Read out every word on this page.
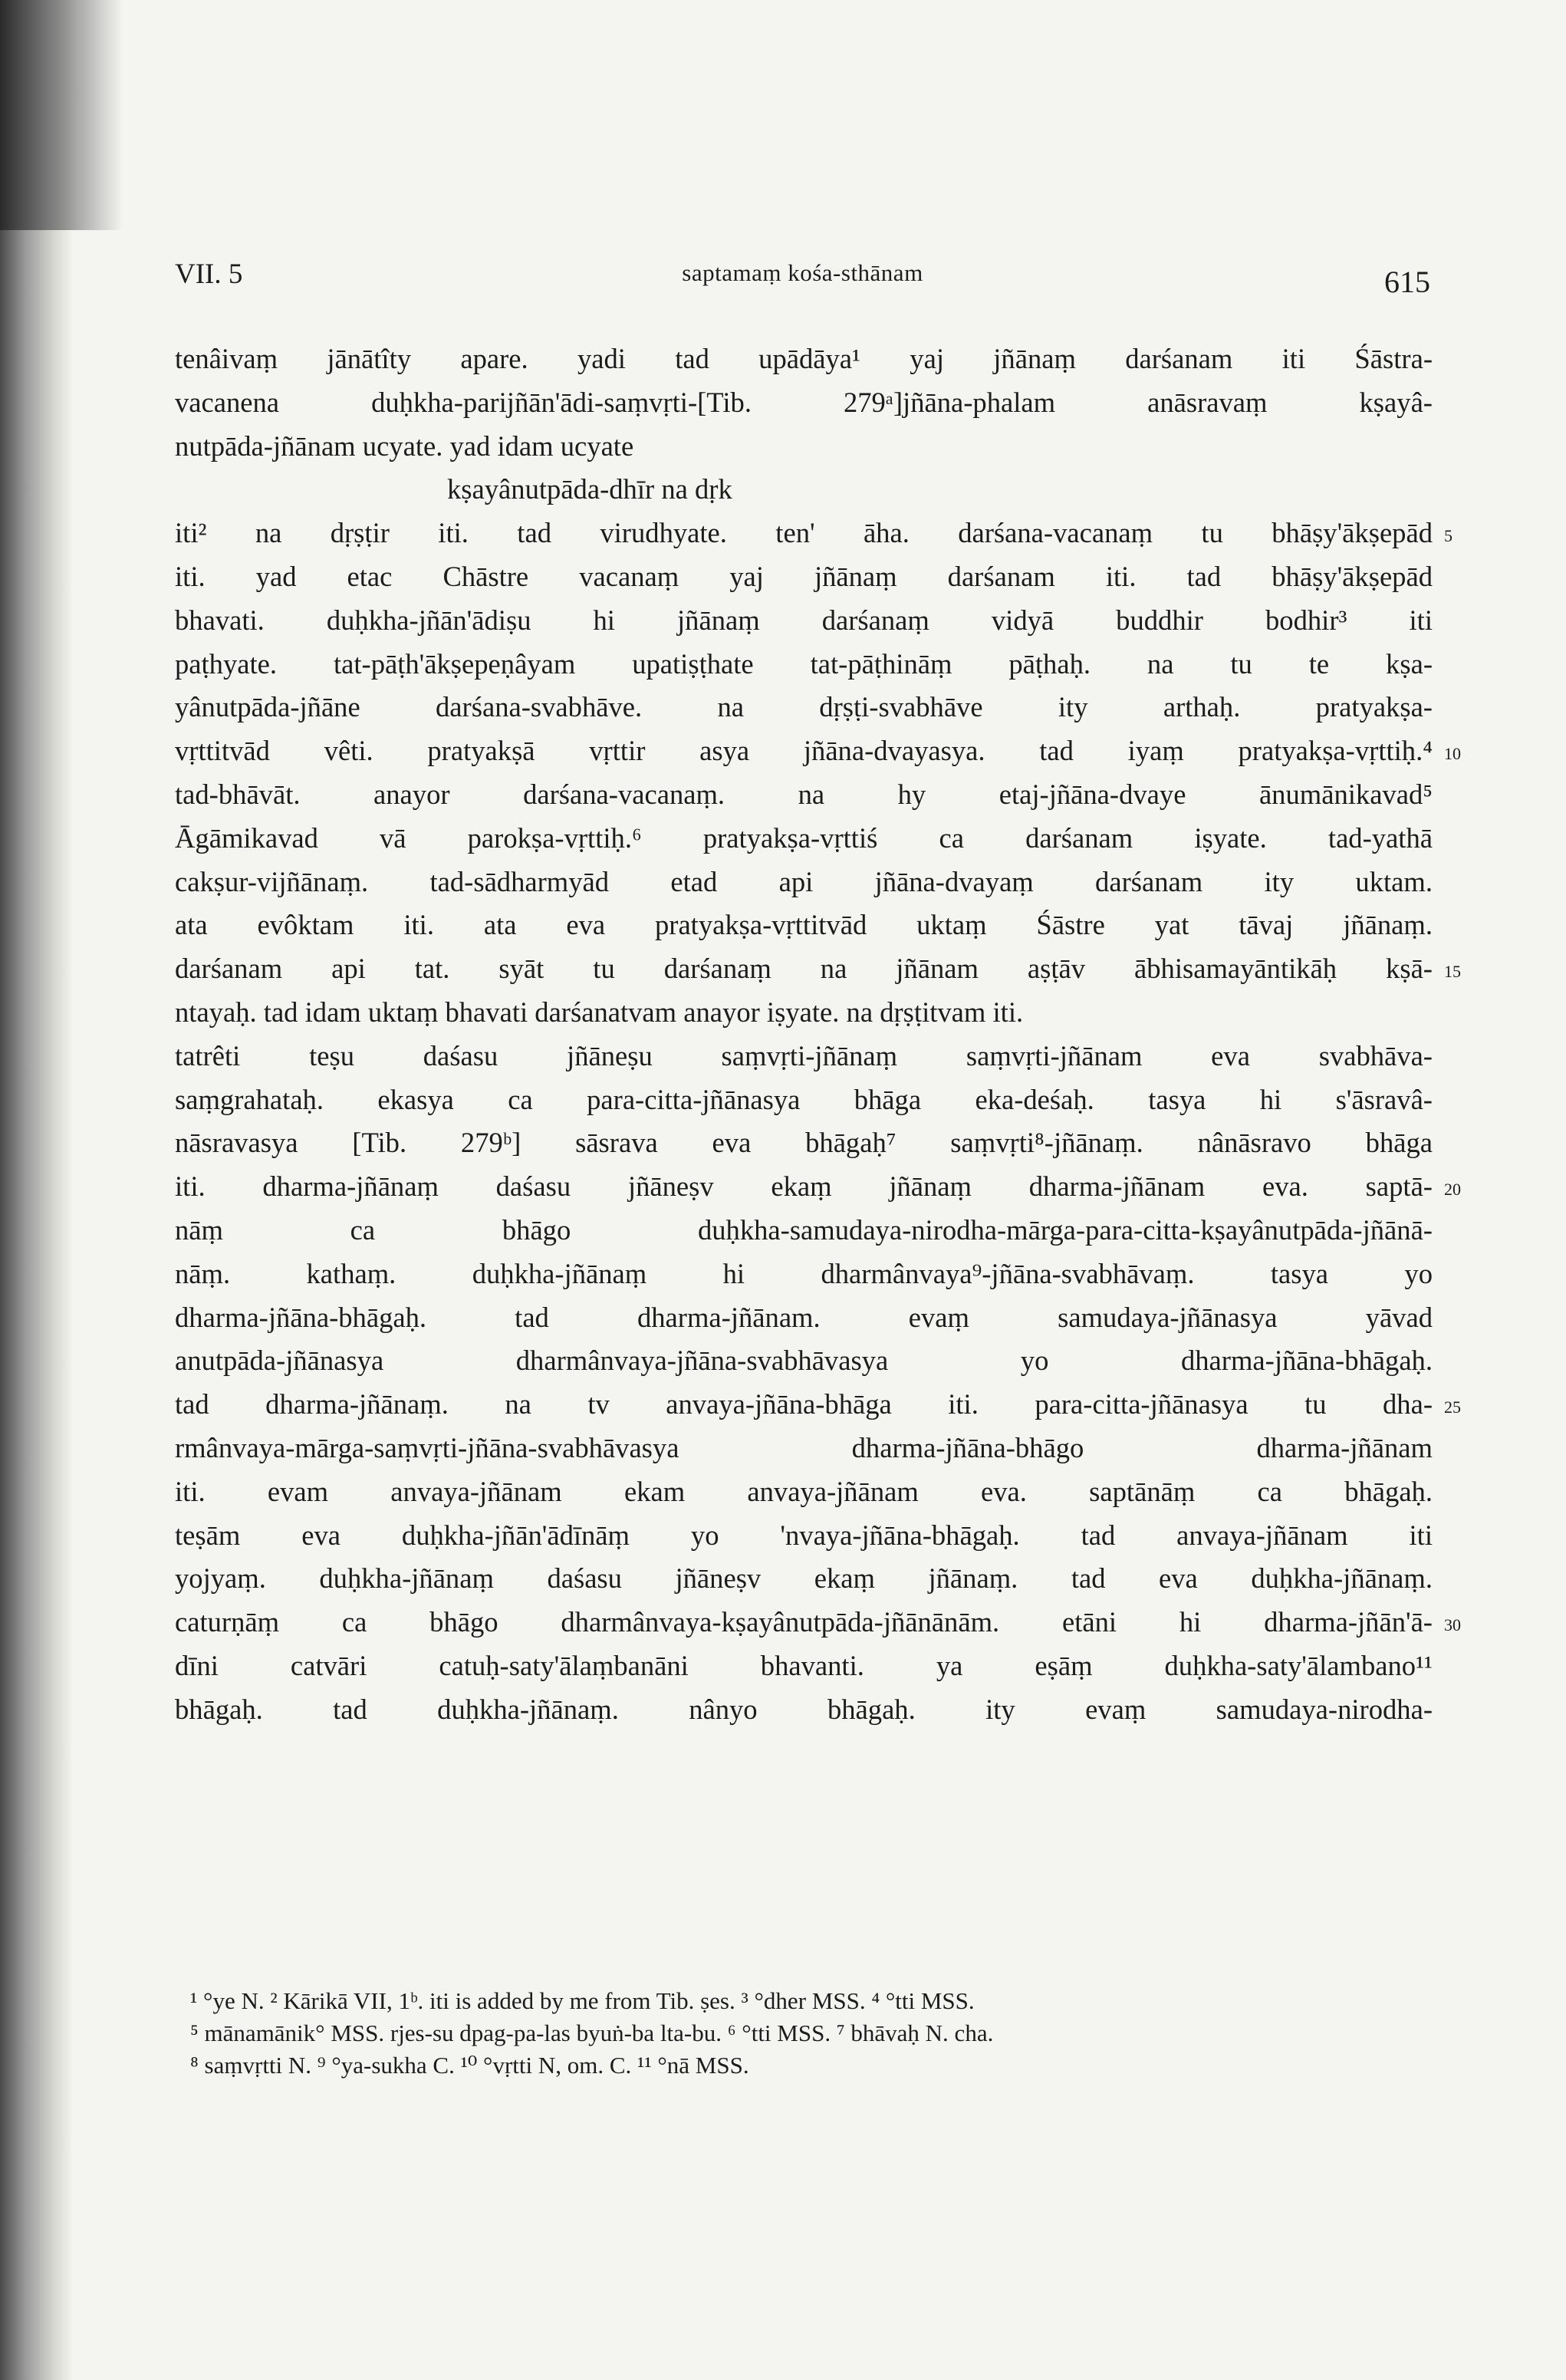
VII. 5	saptamaṃ kośa-sthānam	615
tenâivaṃ jānātîty apare. yadi tad upādāya¹ yaj jñānaṃ darśanam iti Śāstra-
vacanena duḥkha-parijñān'ādi-saṃvṛti-[Tib. 279ᵃ]jñāna-phalam anāsravaṃ kṣayâ-
nutpāda-jñānam ucyate. yad idam ucyate
kṣayânutpāda-dhīr na dṛk
iti² na dṛṣṭir iti. tad virudhyate. ten' āha. darśana-vacanaṃ tu bhāṣy'ākṣepād 5
iti. yad etac Chāstre vacanaṃ yaj jñānaṃ darśanam iti. tad bhāṣy'ākṣepād
bhavati. duḥkha-jñān'ādiṣu hi jñānaṃ darśanaṃ vidyā buddhir bodhir³ iti
paṭhyate. tat-pāṭh'ākṣepeṇâyam upatiṣṭhate tat-pāṭhināṃ pāṭhaḥ. na tu te kṣa-
yânutpāda-jñāne darśana-svabhāve. na dṛṣṭi-svabhāve ity arthaḥ. pratyakṣa-
vṛttitvād vêti. pratyakṣā vṛttir asya jñāna-dvayasya. tad iyaṃ pratyakṣa-vṛttiḥ.⁴ 10
tad-bhāvāt. anayor darśana-vacanaṃ. na hy etaj-jñāna-dvaye ānumānikavad⁵
Āgāmikavad vā parokṣa-vṛttiḥ.⁶ pratyakṣa-vṛttiś ca darśanam iṣyate. tad-yathā
cakṣur-vijñānaṃ. tad-sādharmyād etad api jñāna-dvayaṃ darśanam ity uktam.
ata evôktam iti. ata eva pratyakṣa-vṛttitvād uktaṃ Śāstre yat tāvaj jñānaṃ.
darśanam api tat. syāt tu darśanaṃ na jñānam aṣṭāv ābhisamayāntikāḥ kṣā- 15
ntayaḥ. tad idam uktaṃ bhavati darśanatvam anayor iṣyate. na dṛṣṭitvam iti.
tatrêti teṣu daśasu jñāneṣu saṃvṛti-jñānaṃ saṃvṛti-jñānam eva svabhāva-
saṃgrahataḥ. ekasya ca para-citta-jñānasya bhāga eka-deśaḥ. tasya hi s'āsravâ-
nāsravasya [Tib. 279ᵇ] sāsrava eva bhāgaḥ⁷ saṃvṛti⁸-jñānaṃ. nânāsravo bhāga
iti. dharma-jñānaṃ daśasu jñāneṣv ekaṃ jñānaṃ dharma-jñānam eva. saptā- 20
nāṃ ca bhāgo duḥkha-samudaya-nirodha-mārga-para-citta-kṣayânutpāda-jñānā-
nāṃ. kathaṃ. duḥkha-jñānaṃ hi dharmânvaya⁹-jñāna-svabhāvaṃ. tasya yo
dharma-jñāna-bhāgaḥ. tad dharma-jñānam. evaṃ samudaya-jñānasya yāvad
anutpāda-jñānasya dharmânvaya-jñāna-svabhāvasya yo dharma-jñāna-bhāgaḥ.
tad dharma-jñānaṃ. na tv anvaya-jñāna-bhāga iti. para-citta-jñānasya tu dha- 25
rmânvaya-mārga-saṃvṛti-jñāna-svabhāvasya dharma-jñāna-bhāgo dharma-jñānam
iti. evam anvaya-jñānam ekam anvaya-jñānam eva. saptānāṃ ca bhāgaḥ.
teṣām eva duḥkha-jñān'ādīnāṃ yo 'nvaya-jñāna-bhāgaḥ. tad anvaya-jñānam iti
yojyaṃ. duḥkha-jñānaṃ daśasu jñāneṣv ekaṃ jñānaṃ. tad eva duḥkha-jñānaṃ.
caturṇāṃ ca bhāgo dharmânvaya-kṣayânutpāda-jñānānām. etāni hi dharma-jñān'ā- 30
dīni catvāri catuḥ-saty'ālaṃbanāni bhavanti. ya eṣāṃ duḥkha-saty'ālambano¹¹
bhāgaḥ. tad duḥkha-jñānaṃ. nânyo bhāgaḥ. ity evaṃ samudaya-nirodha-
¹ °ye N. ² Kārikā VII, 1ᵇ. iti is added by me from Tib. ṣes. ³ °dher MSS. ⁴ °tti MSS.
⁵ mānamānik° MSS. rjes-su dpag-pa-las byuṅ-ba lta-bu. ⁶ °tti MSS. ⁷ bhāvaḥ N. cha.
⁸ saṃvṛtti N. ⁹ °ya-sukha C. ¹⁰ °vṛtti N, om. C. ¹¹ °nā MSS.
